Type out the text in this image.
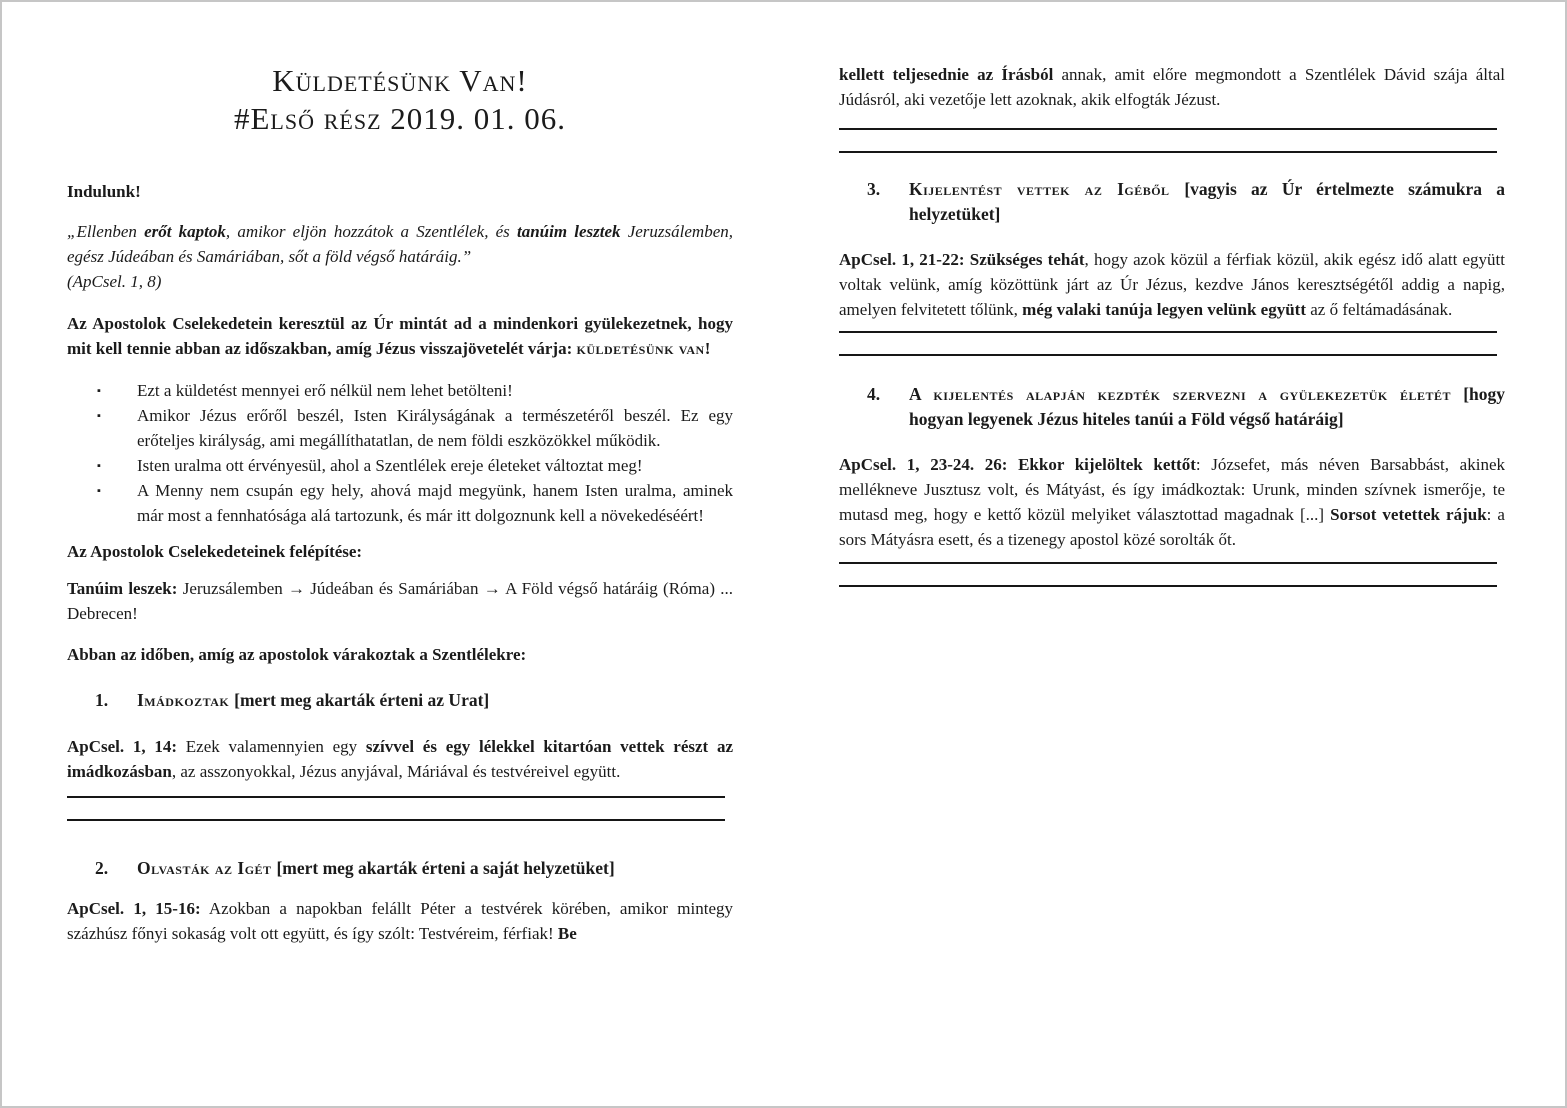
Küldetésünk Van!
#Első rész 2019. 01. 06.

Indulunk!

„Ellenben erőt kaptok, amikor eljön hozzátok a Szentlélek, és tanúim lesztek Jeruzsálemben, egész Júdeában és Samáriában, sőt a föld végső határáig.”

(ApCsel. 1, 8)

Az Apostolok Cselekedetein keresztül az Úr mintát ad a mindenkori gyülekezetnek, hogy mit kell tennie abban az időszakban, amíg Jézus visszajövetelét várja: küldetésünk van!

▪ Ezt a küldetést mennyei erő nélkül nem lehet betölteni!
▪ Amikor Jézus erőről beszél, Isten Királyságának a természetéről beszél. Ez egy erőteljes királyság, ami megállíthatatlan, de nem földi eszközökkel működik.
▪ Isten uralma ott érvényesül, ahol a Szentlélek ereje életeket változtat meg!
▪ A Menny nem csupán egy hely, ahová majd megyünk, hanem Isten uralma, aminek már most a fennhatósága alá tartozunk, és már itt dolgoznunk kell a növekedéséért!

Az Apostolok Cselekedeteinek felépítése:

Tanúim leszek: Jeruzsálemben → Júdeában és Samáriában → A Föld végső határáig (Róma) ... Debrecen!

Abban az időben, amíg az apostolok várakoztak a Szentlélekre:

1. Imádkoztak [mert meg akarták érteni az Urat]

ApCsel. 1, 14: Ezek valamennyien egy szívvel és egy lélekkel kitartóan vettek részt az imádkozásban, az asszonyokkal, Jézus anyjával, Máriával és testvéreivel együtt.

2. Olvasták az Igét [mert meg akarták érteni a saját helyzetüket]

ApCsel. 1, 15-16: Azokban a napokban felállt Péter a testvérek körében, amikor mintegy százhúsz főnyi sokaság volt ott együtt, és így szólt: Testvéreim, férfiak! Be

kellett teljesednie az Írásból annak, amit előre megmondott a Szentlélek Dávid szája által Júdásról, aki vezetője lett azoknak, akik elfogták Jézust.

3. Kijelentést vettek az Igéből [vagyis az Úr értelmezte számukra a helyzetüket]

ApCsel. 1, 21-22: Szükséges tehát, hogy azok közül a férfiak közül, akik egész idő alatt együtt voltak velünk, amíg közöttünk járt az Úr Jézus, kezdve János keresztségétől addig a napig, amelyen felvitetett tőlünk, még valaki tanúja legyen velünk együtt az ő feltámadásának.

4. A kijelentés alapján kezdték szervezni a gyülekezetük életét [hogy hogyan legyenek Jézus hiteles tanúi a Föld végső határáig]

ApCsel. 1, 23-24. 26: Ekkor kijelöltek kettőt: Józsefet, más néven Barsabbást, akinek mellékneve Jusztusz volt, és Mátyást, és így imádkoztak: Urunk, minden szívnek ismerője, te mutasd meg, hogy e kettő közül melyiket választottad magadnak [...] Sorsot vetettek rájuk: a sors Mátyásra esett, és a tizenegy apostol közé sorolták őt.
